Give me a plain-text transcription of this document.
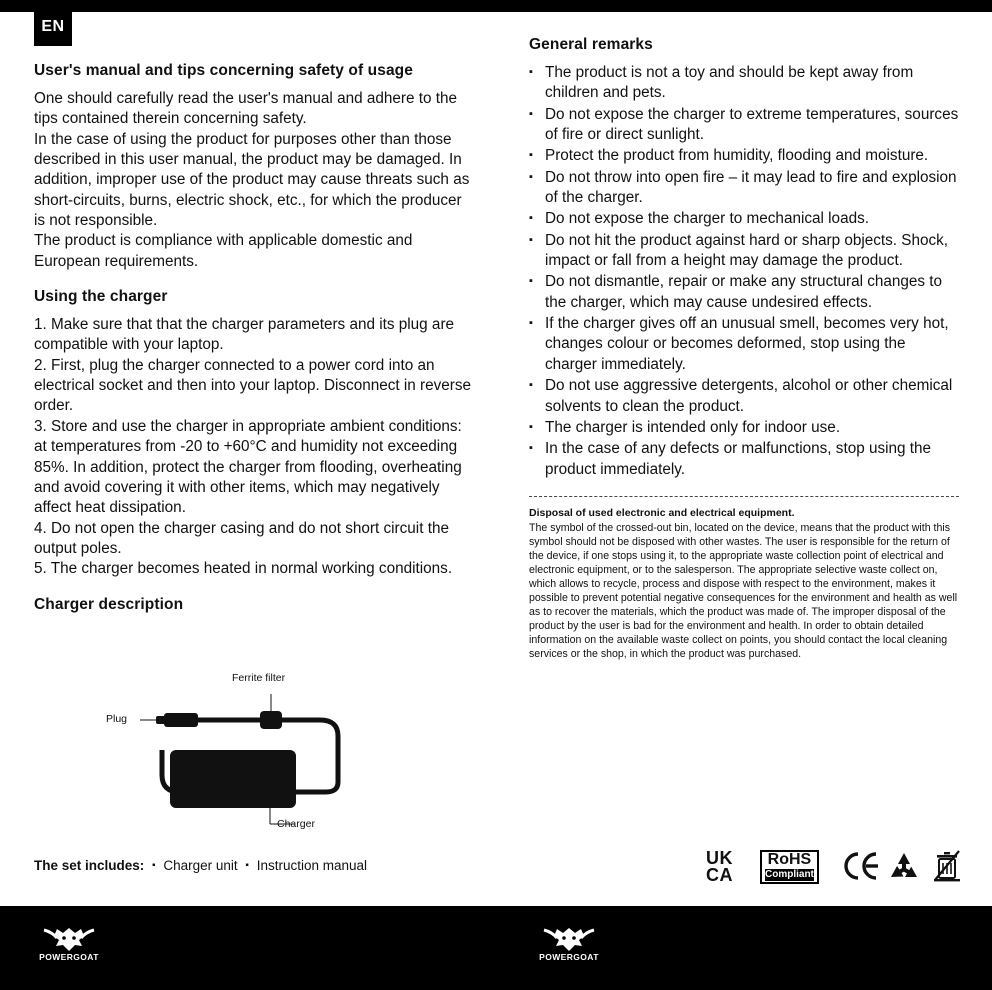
EN
User's manual and tips concerning safety of usage

One should carefully read the user's manual and adhere to the tips contained therein concerning safety.

In the case of using the product for purposes other than those described in this user manual, the product may be damaged. In addition, improper use of the product may cause threats such as short-circuits, burns, electric shock, etc., for which the producer is not responsible.

The product is compliance with applicable domestic and European requirements.

Using the charger

1. Make sure that that the charger parameters and its plug are compatible with your laptop.

2. First, plug the charger connected to a power cord into an electrical socket and then into your laptop. Disconnect in reverse order.

3. Store and use the charger in appropriate ambient conditions: at temperatures from -20 to +60°C and humidity not exceeding 85%. In addition, protect the charger from flooding, overheating and avoid covering it with other items, which may negatively affect heat dissipation.

4. Do not open the charger casing and do not short circuit the output poles.

5. The charger becomes heated in normal working conditions.

Charger description
Ferrite filter
Plug
Charger
The set includes: ▪ Charger unit ▪ Instruction manual
General remarks
▪ The product is not a toy and should be kept away from children and pets.
▪ Do not expose the charger to extreme temperatures, sources of fire or direct sunlight.
▪ Protect the product from humidity, flooding and moisture.
▪ Do not throw into open fire – it may lead to fire and explosion of the charger.
▪ Do not expose the charger to mechanical loads.
▪ Do not hit the product against hard or sharp objects. Shock, impact or fall from a height may damage the product.
▪ Do not dismantle, repair or make any structural changes to the charger, which may cause undesired effects.
▪ If the charger gives off an unusual smell, becomes very hot, changes colour or becomes deformed, stop using the charger immediately.
▪ Do not use aggressive detergents, alcohol or other chemical solvents to clean the product.
▪ The charger is intended only for indoor use.
▪ In the case of any defects or malfunctions, stop using the product immediately.

Disposal of used electronic and electrical equipment.

The symbol of the crossed-out bin, located on the device, means that the product with this symbol should not be disposed with other wastes. The user is responsible for the return of the device, if one stops using it, to the appropriate waste collection point of electrical and electronic equipment, or to the salesperson. The appropriate selective waste collect on, which allows to recycle, process and dispose with respect to the environment, makes it possible to prevent potential negative consequences for the environment and health as well as to recover the materials, which the product was made of. The improper disposal of the product by the user is bad for the environment and health. In order to obtain detailed information on the available waste collect on points, you should contact the local cleaning services or the shop, in which the product was purchased.

UK
CA
RoHS
Compliant
POWERGOAT	POWERGOAT
